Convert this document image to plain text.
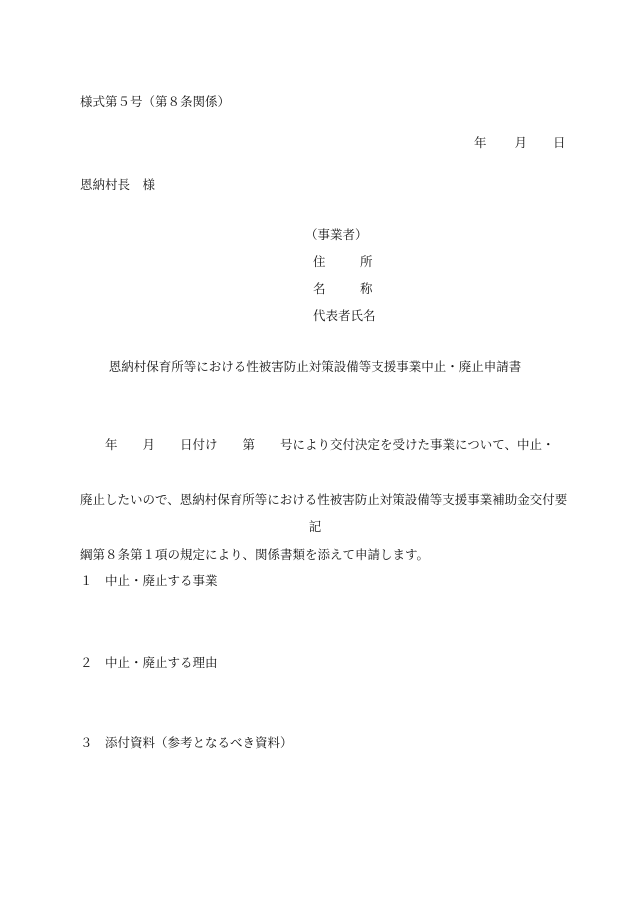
様式第５号（第８条関係）

年 月 日

恩納村長　様

（事業者）

住

	所

名

	称

代表者氏名

恩納村保育所等における性被害防止対策設備等支援事業中止・廃止申請書

　　年　　月　　日付け　　第　　号により交付決定を受けた事業について、中止・

廃止したいので、恩納村保育所等における性被害防止対策設備等支援事業補助金交付要

綱第８条第１項の規定により、関係書類を添えて申請します。

記
１　中止・廃止する事業
２　中止・廃止する理由
３　添付資料（参考となるべき資料）
